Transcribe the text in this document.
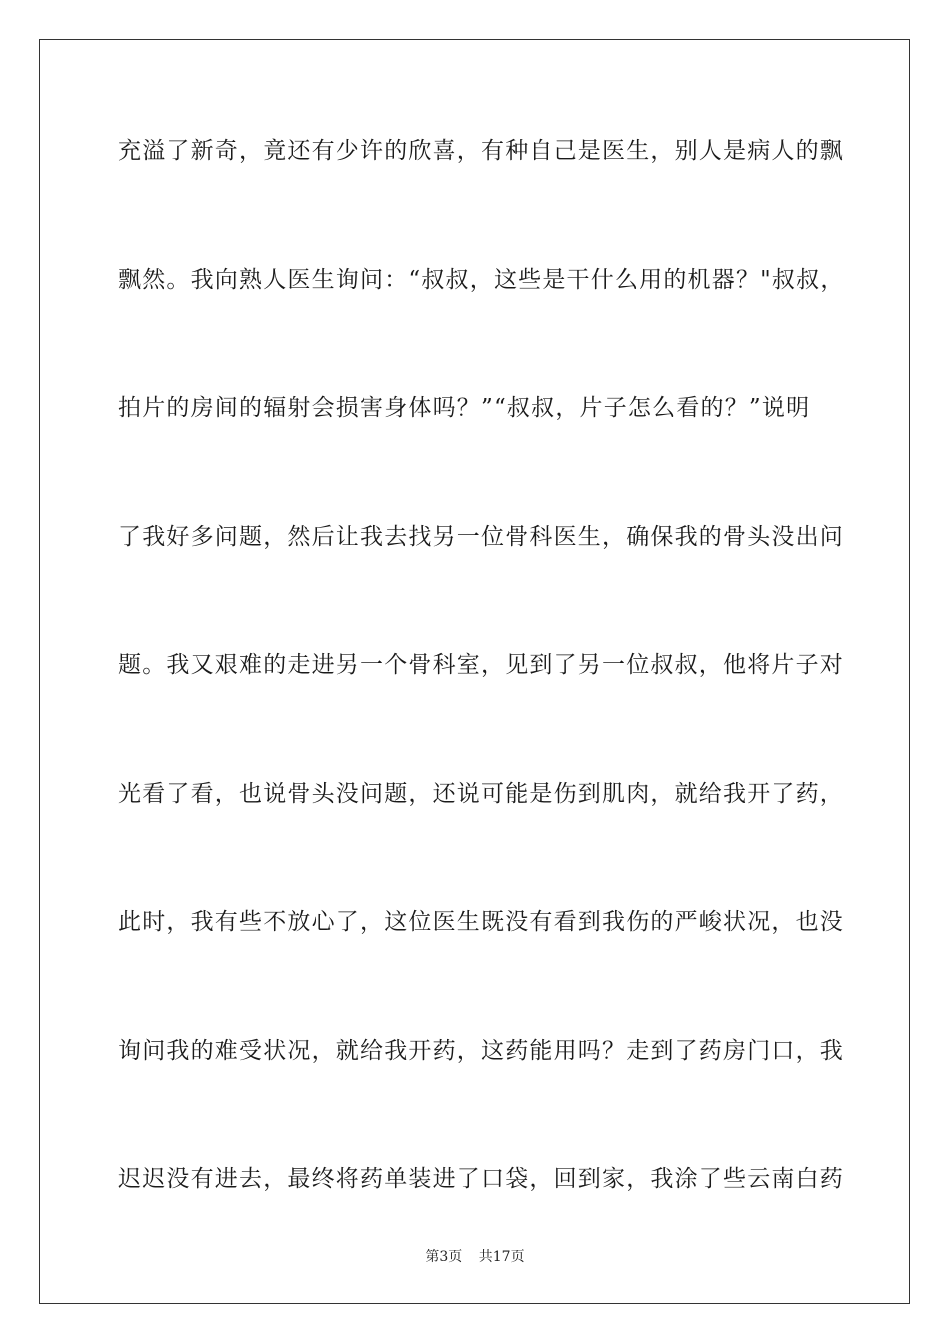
充溢了新奇，竟还有少许的欣喜，有种自己是医生，别人是病人的飘
飘然。我向熟人医生询问：“叔叔，这些是干什么用的机器？"叔叔，
拍片的房间的辐射会损害身体吗？”“叔叔，片子怎么看的？”说明
了我好多问题，然后让我去找另一位骨科医生，确保我的骨头没出问
题。我又艰难的走进另一个骨科室，见到了另一位叔叔，他将片子对
光看了看，也说骨头没问题，还说可能是伤到肌肉，就给我开了药，
此时，我有些不放心了，这位医生既没有看到我伤的严峻状况，也没
询问我的难受状况，就给我开药，这药能用吗？走到了药房门口，我
迟迟没有进去，最终将药单装进了口袋，回到家，我涂了些云南白药
第3页 共17页
